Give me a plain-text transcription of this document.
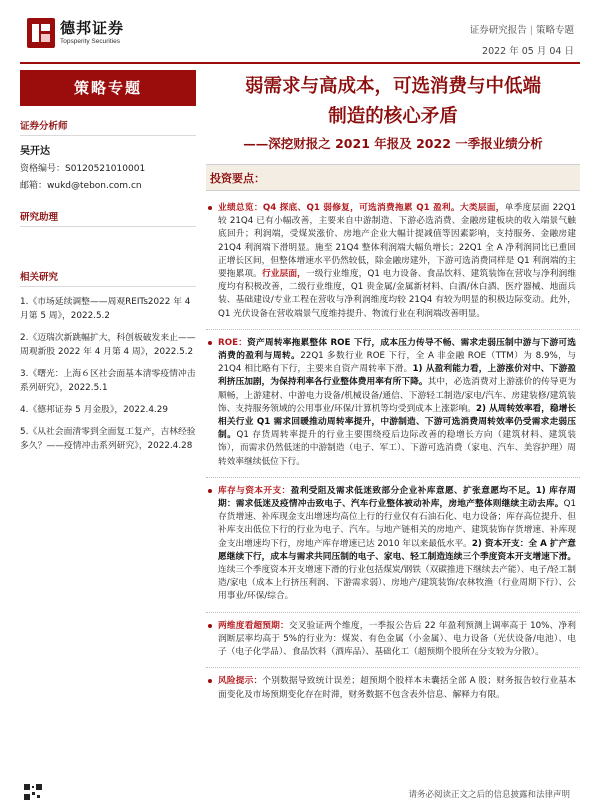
德邦证券
Topsperity Securities
证券研究报告 | 策略专题
2022 年 05 月 04 日
策略专题
证券分析师
吴开达
资格编号：S0120521010001
邮箱：wukd@tebon.com.cn
研究助理
相关研究
1.《市场延续调整——周观REITs2022 年 4 月第 5 周》，2022.5.2
2.《迈瑞次新跳幅扩大，科创板破发来止——周观新股 2022 年 4 月第 4 周》，2022.5.2
3.《曙光：上海６区社会面基本清零疫情冲击系列研究》，2022.5.1
4.《德邦证券 5 月金股》，2022.4.29
5.《从社会面清零到全面复工复产，吉林经验多久？——疫情冲击系列研究》，2022.4.28
弱需求与高成本，可选消费与中低端
制造的核心矛盾
——深挖财报之 2021 年报及 2022 一季报业绩分析
投资要点：
业绩总览：Q4 探底、Q1 弱修复，可选消费拖累 Q1 盈利。大类层面，单季度层面 22Q1 较 21Q4 已有小幅改善，主要来自中游制造、下游必选消费、金融房建板块的收入端景气触底回升；利润端，受煤炭涨价、房地产企业大幅计提减值等因素影响，支持服务、金融房建 21Q4 利润端下滑明显。施至 21Q4 整体利润端大幅负增长；22Q1 全 A 净利润同比已重回正增长区间，但整体增速水平仍然较低，除金融房建外，下游可选消费同样是 Q1 利润端的主要拖累项。行业层面，一级行业维度，Q1 电力设备、食品饮料、建筑装饰在营收与净利润维度均有积极改善，二级行业维度，Q1 贵金属/金属新材料、白酒/休白酒、医疗器械、地面兵装、基础建设/专业工程在营收与净利润维度均较 21Q4 有较为明显的积极边际变动。此外，Q1 光伏设备在营收端景气度维持提升、物流行业在利润端改善明显。
ROE：资产周转率拖累整体 ROE 下行，成本压力传导不畅、需求走弱压制中游与下游可选消费的盈利与周转。22Q1 多数行业 ROE 下行，全 A 非金融 ROE（TTM）为 8.9%，与 21Q4 相比略有下行，主要来自资产周转率下滑。1) 从盈利能力看，上游涨价对中、下游盈利挤压加剧，为保持利率各行业整体费用率有所下降。其中，必选消费对上游涨价的传导更为顺畅，上游建材、中游电力设备/机械设备/通信、下游轻工制造/家电/汽车、房建装修/建筑装饰、支持服务领域的公用事业/环保/计算机等均受到成本上涨影响。2) 从周转效率看，稳增长相关行业 Q1 需求回暖推动周转率提升，中游制造、下游可选消费周转效率仍受需求走弱压制。Q1 存货周转率提升的行业主要围绕疫后边际改善的稳增长方向（建筑材料、建筑装饰），而需求仍然低迷的中游制造（电子、军工）、下游可选消费（家电、汽车、美容护理）周转效率继续低位下行。
库存与资本开支：盈利受阻及需求低迷致部分企业补库意愿、扩张意愿均不足。1) 库存周期：需求低迷及疫情冲击致电子、汽车行业整体被动补库，房地产整体则继续主动去库。Q1 存货增速、补库现金支出增速均高位上行的行业仅有石油石化、电力设备；库存高位提升、但补库支出低位下行的行业为电子、汽车。与地产链相关的房地产、建筑装饰存货增速、补库现金支出增速均下行，房地产库存增速已达 2010 年以来最低水平。2) 资本开支：全 A 扩产意愿继续下行，成本与需求共同压制的电子、家电、轻工制造连续三个季度资本开支增速下滑。连续三个季度资本开支增速下滑的行业包括煤炭/钢铁（双碳推进下继续去产能）、电子/轻工制造/家电（成本上行挤压利润、下游需求弱）、房地产/建筑装饰/农林牧渔（行业周期下行）、公用事业/环保/综合。
两维度看超预期：交叉验证两个维度，一季报公告后 22 年盈利预测上调率高于 10%、净利润断层率均高于 5%的行业为：煤炭、有色金属（小金属）、电力设备（光伏设备/电池）、电子（电子化学品）、食品饮料（酒库品）、基础化工（超预期个股所在分支较为分散）。
风险提示：个别数据导致统计误差；超预期个股样本未囊括全部 A 股；财务报告较行业基本面变化及市场预期变化存在时滞，财务数据不包含表外信息、解释力有限。
请务必阅读正文之后的信息披露和法律声明
